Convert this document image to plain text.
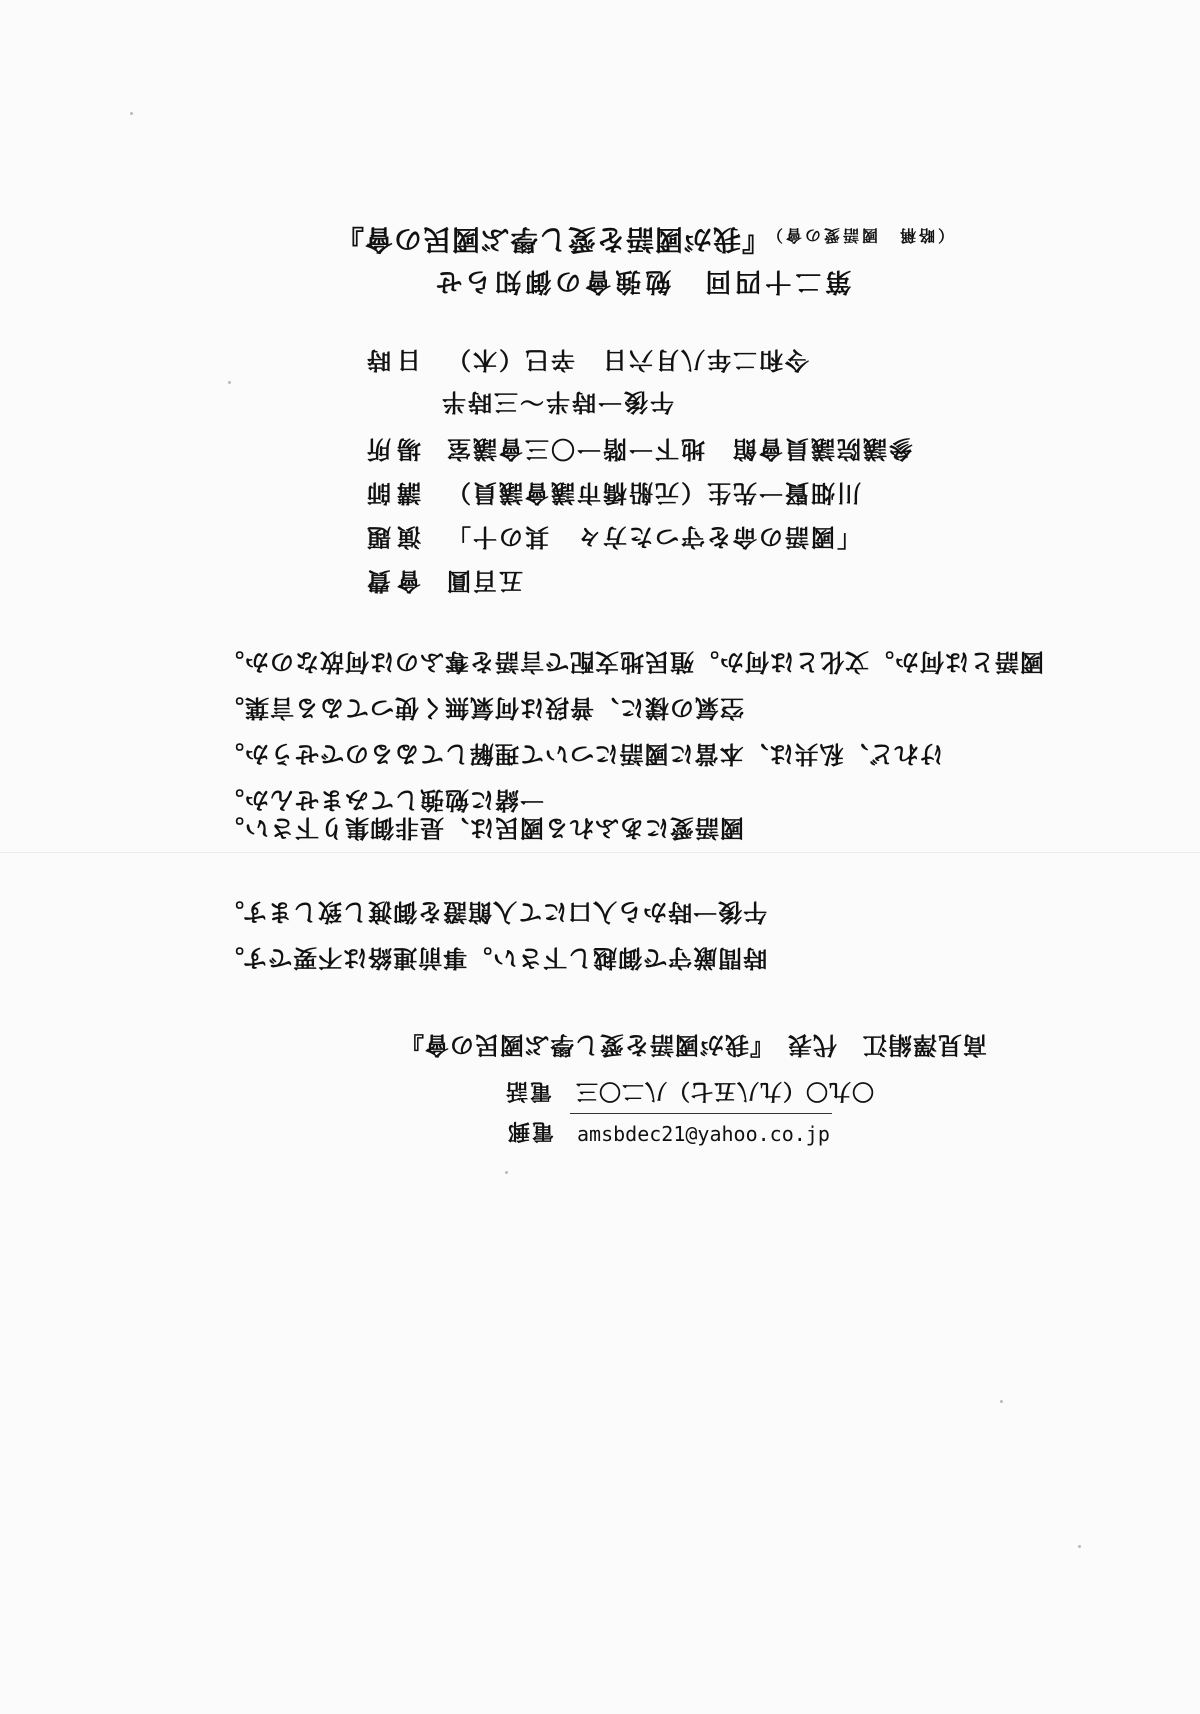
（略稱　國語愛の會）『我が國語を愛し學ぶ國民の會』
第二十四回　勉強會の御知らせ
令和二年八月六日　辛巳（木）日時
午後一時半〜三時半
參議院議員會館　地下一階一〇三會議室場所
川畑賢一先生（元船橋市議會議員）講師
「國語の命を守つた方々　其の十」演題
五百圓會費
國語とは何か。文化とは何か。殖民地支配で言語を奪ふのは何故なのか。
空氣の樣に、普段は何氣無く使つてゐる言葉。
けれど、私共は、本當に國語について理解してゐるのでせうか。
一緒に勉強してみませんか。
國語愛にあふれる國民は、是非御集り下さい。
午後一時から入口にて入館證を御渡し致します。
時間厳守で御越し下さい。事前連絡は不要です。
高見澤絹江　代表　『我が國語を愛し學ぶ國民の會』
〇九〇（九八五七）八二〇三　電話
電郵　 amsbdec21@yahoo.co.jp
